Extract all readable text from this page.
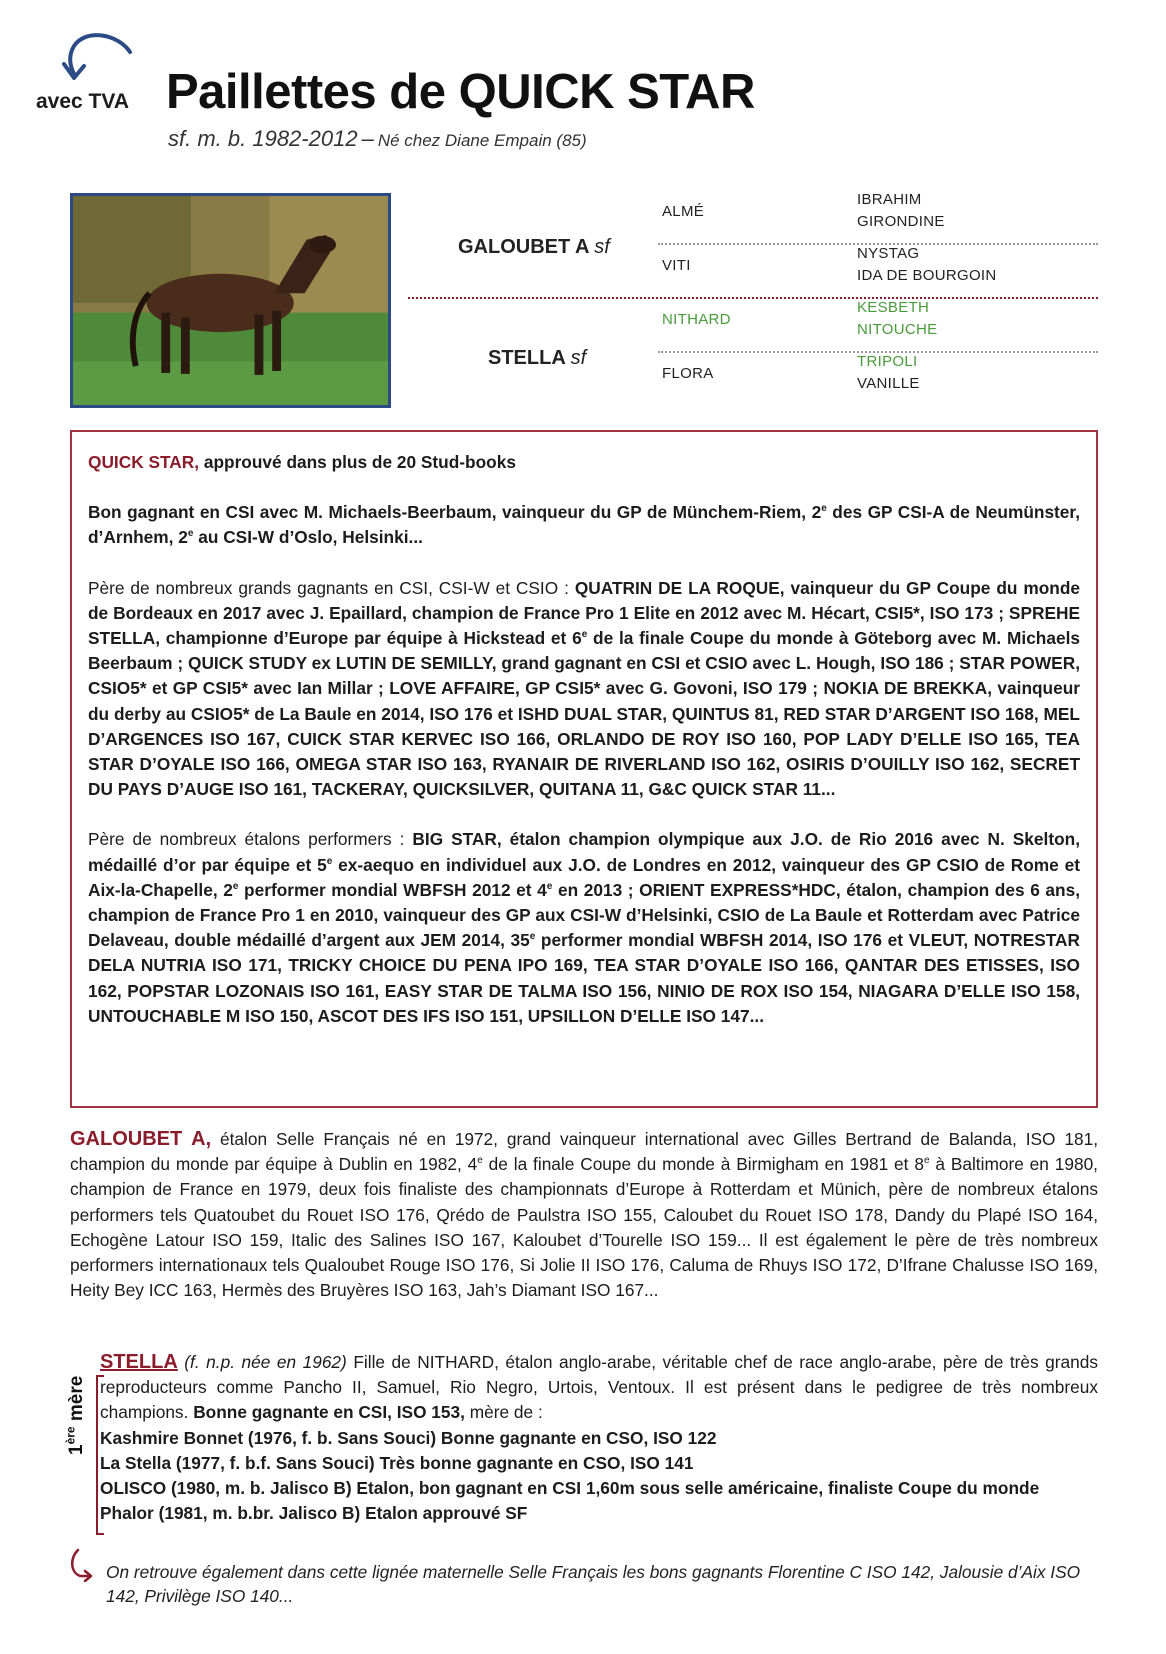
avec TVA Paillettes de QUICK STAR
sf. m. b. 1982-2012 – Né chez Diane Empain (85)
GALOUBET A sf
STELLA sf
ALMÉ
VITI
NITHARD
FLORA
IBRAHIM
GIRONDINE
NYSTAG
IDA DE BOURGOIN
KESBETH
NITOUCHE
TRIPOLI
VANILLE

QUICK STAR, approuvé dans plus de 20 Stud-books

Bon gagnant en CSI avec M. Michaels-Beerbaum, vainqueur du GP de Münchem-Riem, 2e des GP CSI-A de Neumünster, d’Arnhem, 2e au CSI-W d’Oslo, Helsinki...

Père de nombreux grands gagnants en CSI, CSI-W et CSIO : QUATRIN DE LA ROQUE, vainqueur du GP Coupe du monde de Bordeaux en 2017 avec J. Epaillard, champion de France Pro 1 Elite en 2012 avec M. Hécart, CSI5*, ISO 173 ; SPREHE STELLA, championne d’Europe par équipe à Hickstead et 6e de la finale Coupe du monde à Göteborg avec M. Michaels Beerbaum ; QUICK STUDY ex LUTIN DE SEMILLY, grand gagnant en CSI et CSIO avec L. Hough, ISO 186 ; STAR POWER, CSIO5* et GP CSI5* avec Ian Millar ; LOVE AFFAIRE, GP CSI5* avec G. Govoni, ISO 179 ; NOKIA DE BREKKA, vainqueur du derby au CSIO5* de La Baule en 2014, ISO 176 et ISHD DUAL STAR, QUINTUS 81, RED STAR D’ARGENT ISO 168, MEL D’ARGENCES ISO 167, CUICK STAR KERVEC ISO 166, ORLANDO DE ROY ISO 160, POP LADY D’ELLE ISO 165, TEA STAR D’OYALE ISO 166, OMEGA STAR ISO 163, RYANAIR DE RIVERLAND ISO 162, OSIRIS D’OUILLY ISO 162, SECRET DU PAYS D’AUGE ISO 161, TACKERAY, QUICKSILVER, QUITANA 11, G&C QUICK STAR 11...

Père de nombreux étalons performers : BIG STAR, étalon champion olympique aux J.O. de Rio 2016 avec N. Skelton, médaillé d’or par équipe et 5e ex-aequo en individuel aux J.O. de Londres en 2012, vainqueur des GP CSIO de Rome et Aix-la-Chapelle, 2e performer mondial WBFSH 2012 et 4e en 2013 ; ORIENT EXPRESS*HDC, étalon, champion des 6 ans, champion de France Pro 1 en 2010, vainqueur des GP aux CSI-W d’Helsinki, CSIO de La Baule et Rotterdam avec Patrice Delaveau, double médaillé d’argent aux JEM 2014, 35e performer mondial WBFSH 2014, ISO 176 et VLEUT, NOTRESTAR DELA NUTRIA ISO 171, TRICKY CHOICE DU PENA IPO 169, TEA STAR D’OYALE ISO 166, QANTAR DES ETISSES, ISO 162, POPSTAR LOZONAIS ISO 161, EASY STAR DE TALMA ISO 156, NINIO DE ROX ISO 154, NIAGARA D’ELLE ISO 158, UNTOUCHABLE M ISO 150, ASCOT DES IFS ISO 151, UPSILLON D’ELLE ISO 147...

GALOUBET A, étalon Selle Français né en 1972, grand vainqueur international avec Gilles Bertrand de Balanda, ISO 181, champion du monde par équipe à Dublin en 1982, 4e de la finale Coupe du monde à Birmigham en 1981 et 8e à Baltimore en 1980, champion de France en 1979, deux fois finaliste des championnats d’Europe à Rotterdam et Münich, père de nombreux étalons performers tels Quatoubet du Rouet ISO 176, Qrédo de Paulstra ISO 155, Caloubet du Rouet ISO 178, Dandy du Plapé ISO 164, Echogène Latour ISO 159, Italic des Salines ISO 167, Kaloubet d’Tourelle ISO 159... Il est également le père de très nombreux performers internationaux tels Qualoubet Rouge ISO 176, Si Jolie II ISO 176, Caluma de Rhuys ISO 172, D’Ifrane Chalusse ISO 169, Heity Bey ICC 163, Hermès des Bruyères ISO 163, Jah’s Diamant ISO 167...
1ère mère
STELLA (f. n.p. née en 1962) Fille de NITHARD, étalon anglo-arabe, véritable chef de race anglo-arabe, père de très grands reproducteurs comme Pancho II, Samuel, Rio Negro, Urtois, Ventoux. Il est présent dans le pedigree de très nombreux champions. Bonne gagnante en CSI, ISO 153, mère de :
Kashmire Bonnet (1976, f. b. Sans Souci) Bonne gagnante en CSO, ISO 122
La Stella (1977, f. b.f. Sans Souci) Très bonne gagnante en CSO, ISO 141
OLISCO (1980, m. b. Jalisco B) Etalon, bon gagnant en CSI 1,60m sous selle américaine, finaliste Coupe du monde
Phalor (1981, m. b.br. Jalisco B) Etalon approuvé SF
On retrouve également dans cette lignée maternelle Selle Français les bons gagnants Florentine C ISO 142, Jalousie d’Aix ISO 142, Privilège ISO 140...
